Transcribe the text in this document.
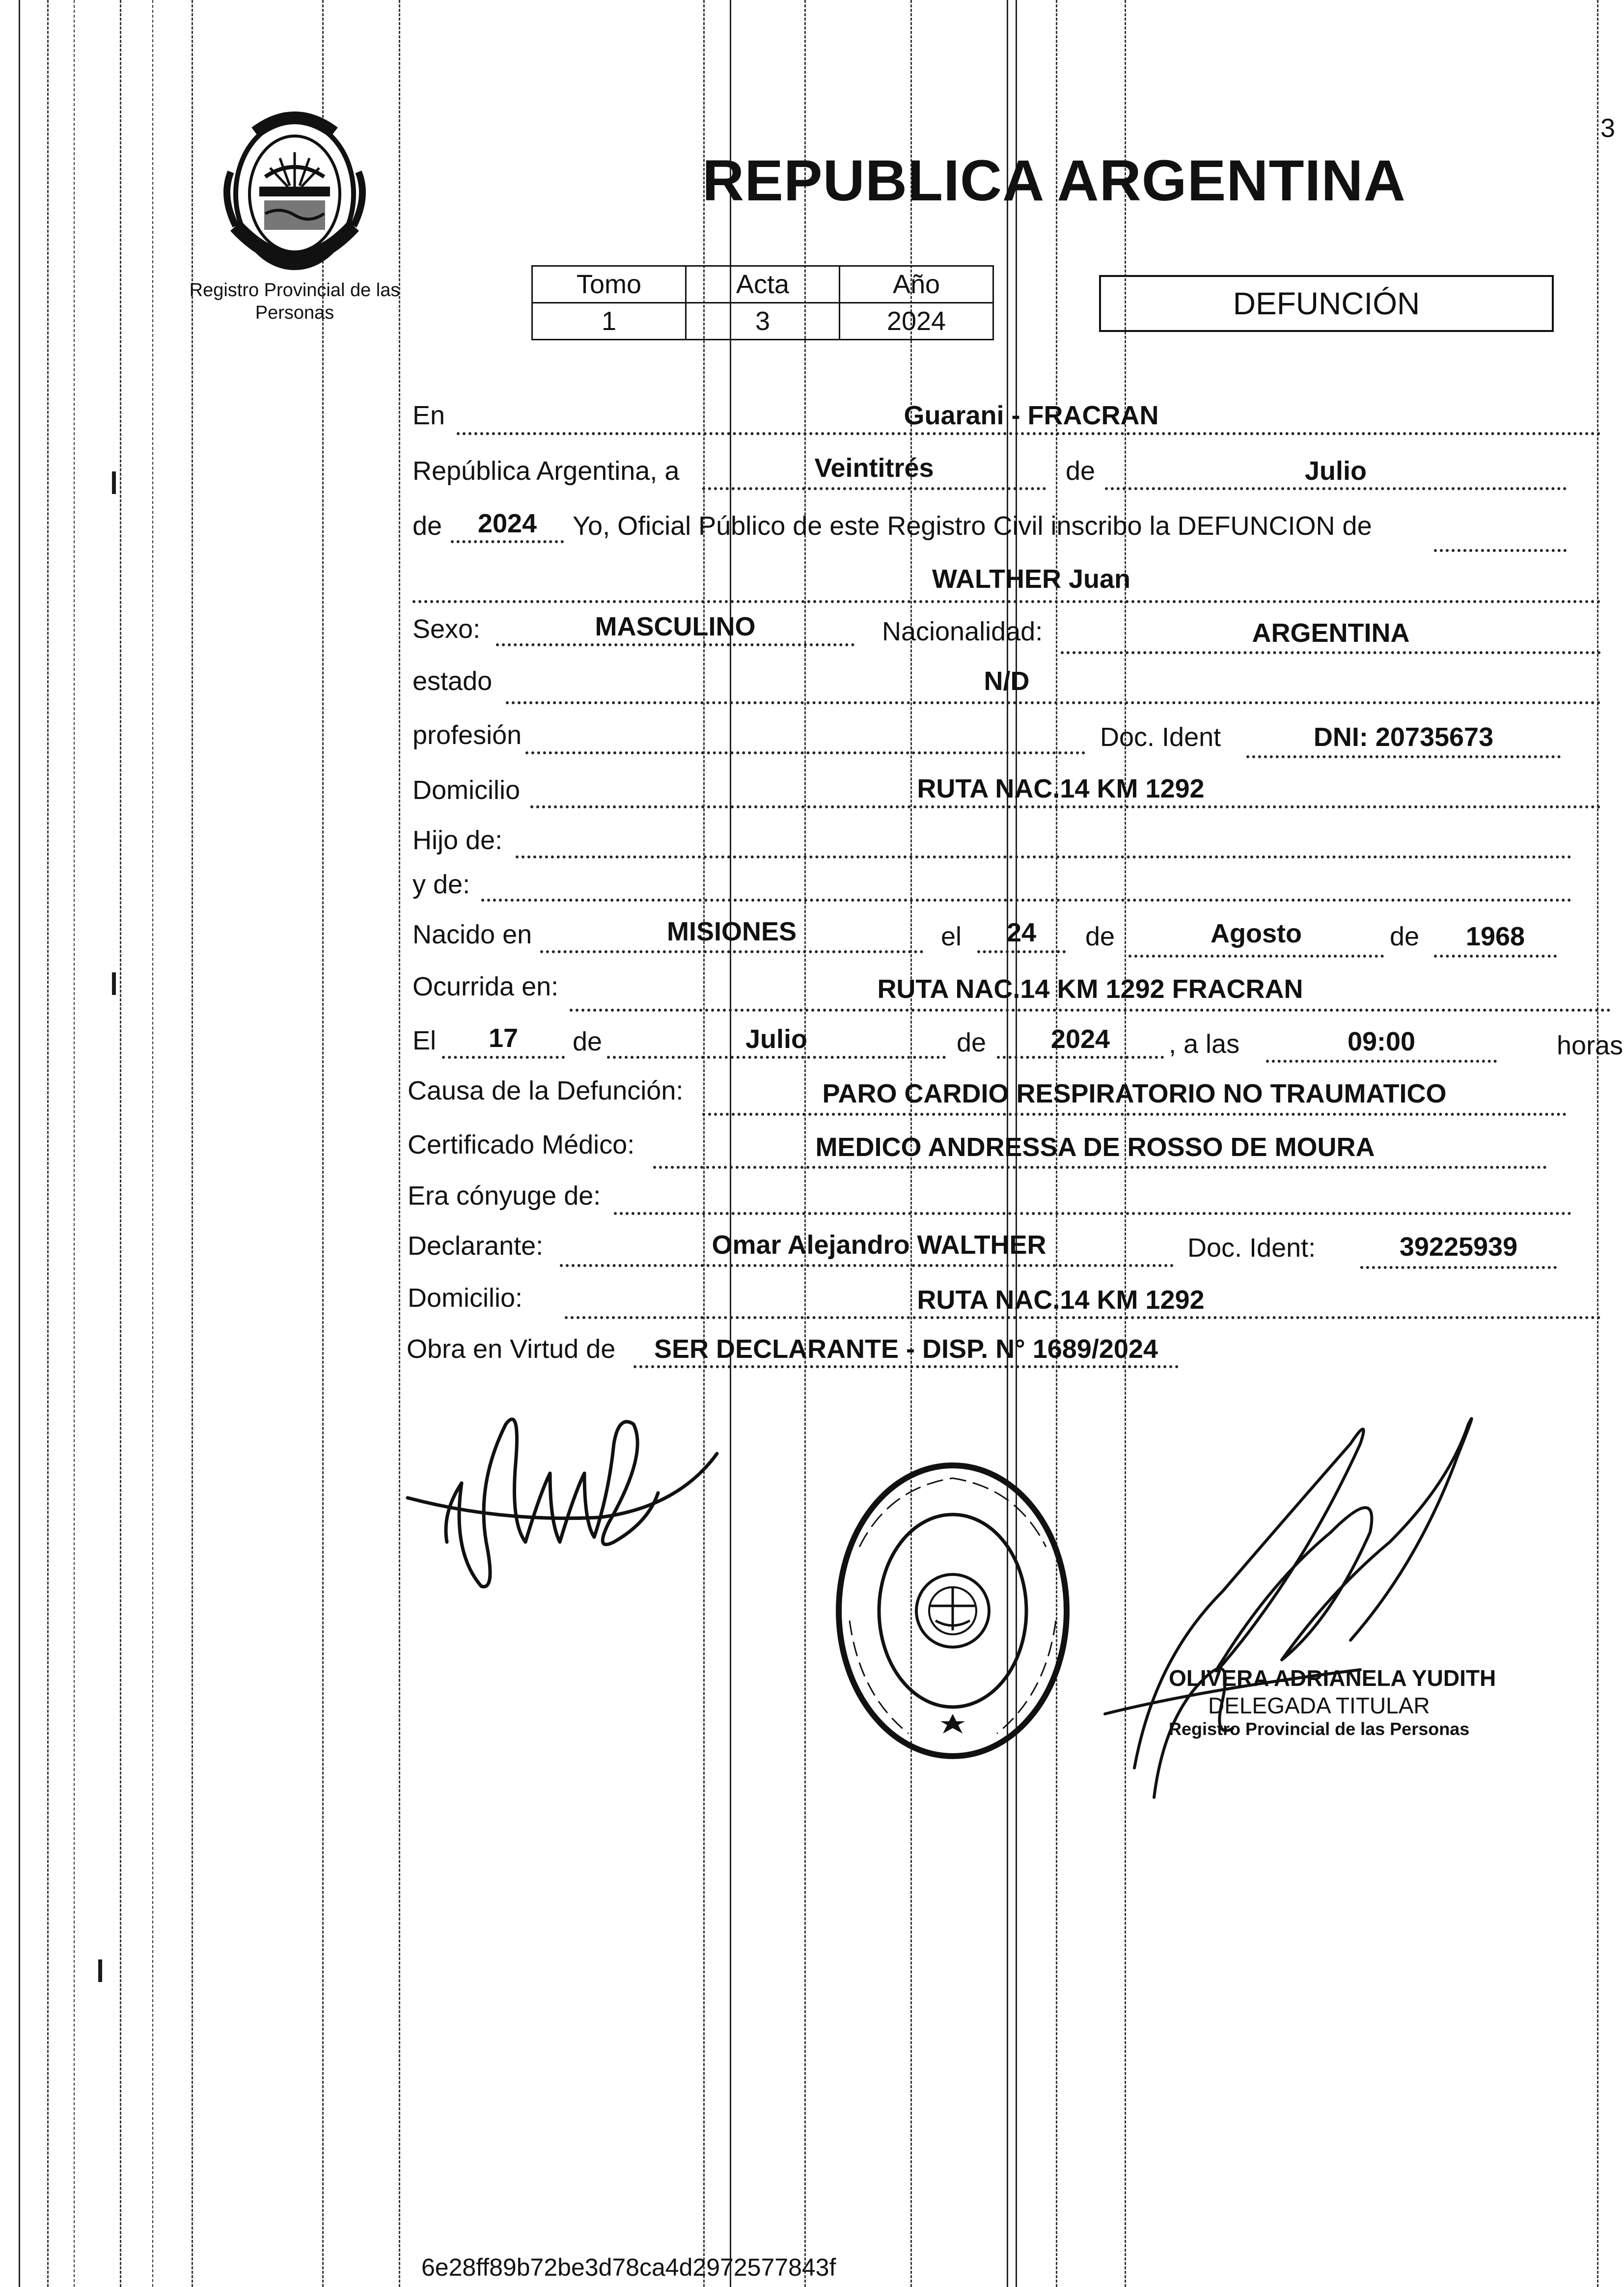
3
Registro Provincial de las Personas
REPUBLICA ARGENTINA
Tomo	Acta	Año
1	3	2024	DEFUNCIÓN
En	Guarani - FRACRAN
República Argentina, a	Veintitrés	de	Julio
de	2024	Yo, Oficial Público de este Registro Civil inscribo la DEFUNCION de
WALTHER Juan
Sexo:	MASCULINO	Nacionalidad:	ARGENTINA
estado	N/D
profesión	Doc. Ident	DNI: 20735673
Domicilio	RUTA NAC.14 KM 1292
Hijo de:
y de:
Nacido en	MISIONES	el	24	de	Agosto	de	1968
Ocurrida en:	RUTA NAC.14 KM 1292 FRACRAN
El	17	de	Julio	de	2024	, a las	09:00	horas
Causa de la Defunción:	PARO CARDIO RESPIRATORIO NO TRAUMATICO
Certificado Médico:	MEDICO ANDRESSA DE ROSSO DE MOURA
Era cónyuge de:
Declarante:	Omar Alejandro WALTHER	Doc. Ident:	39225939
Domicilio:	RUTA NAC.14 KM 1292
Obra en Virtud de	SER DECLARANTE - DISP. N° 1689/2024
OLIVERA ADRIANELA YUDITH
DELEGADA TITULAR
Registro Provincial de las Personas
6e28ff89b72be3d78ca4d2972577843f
